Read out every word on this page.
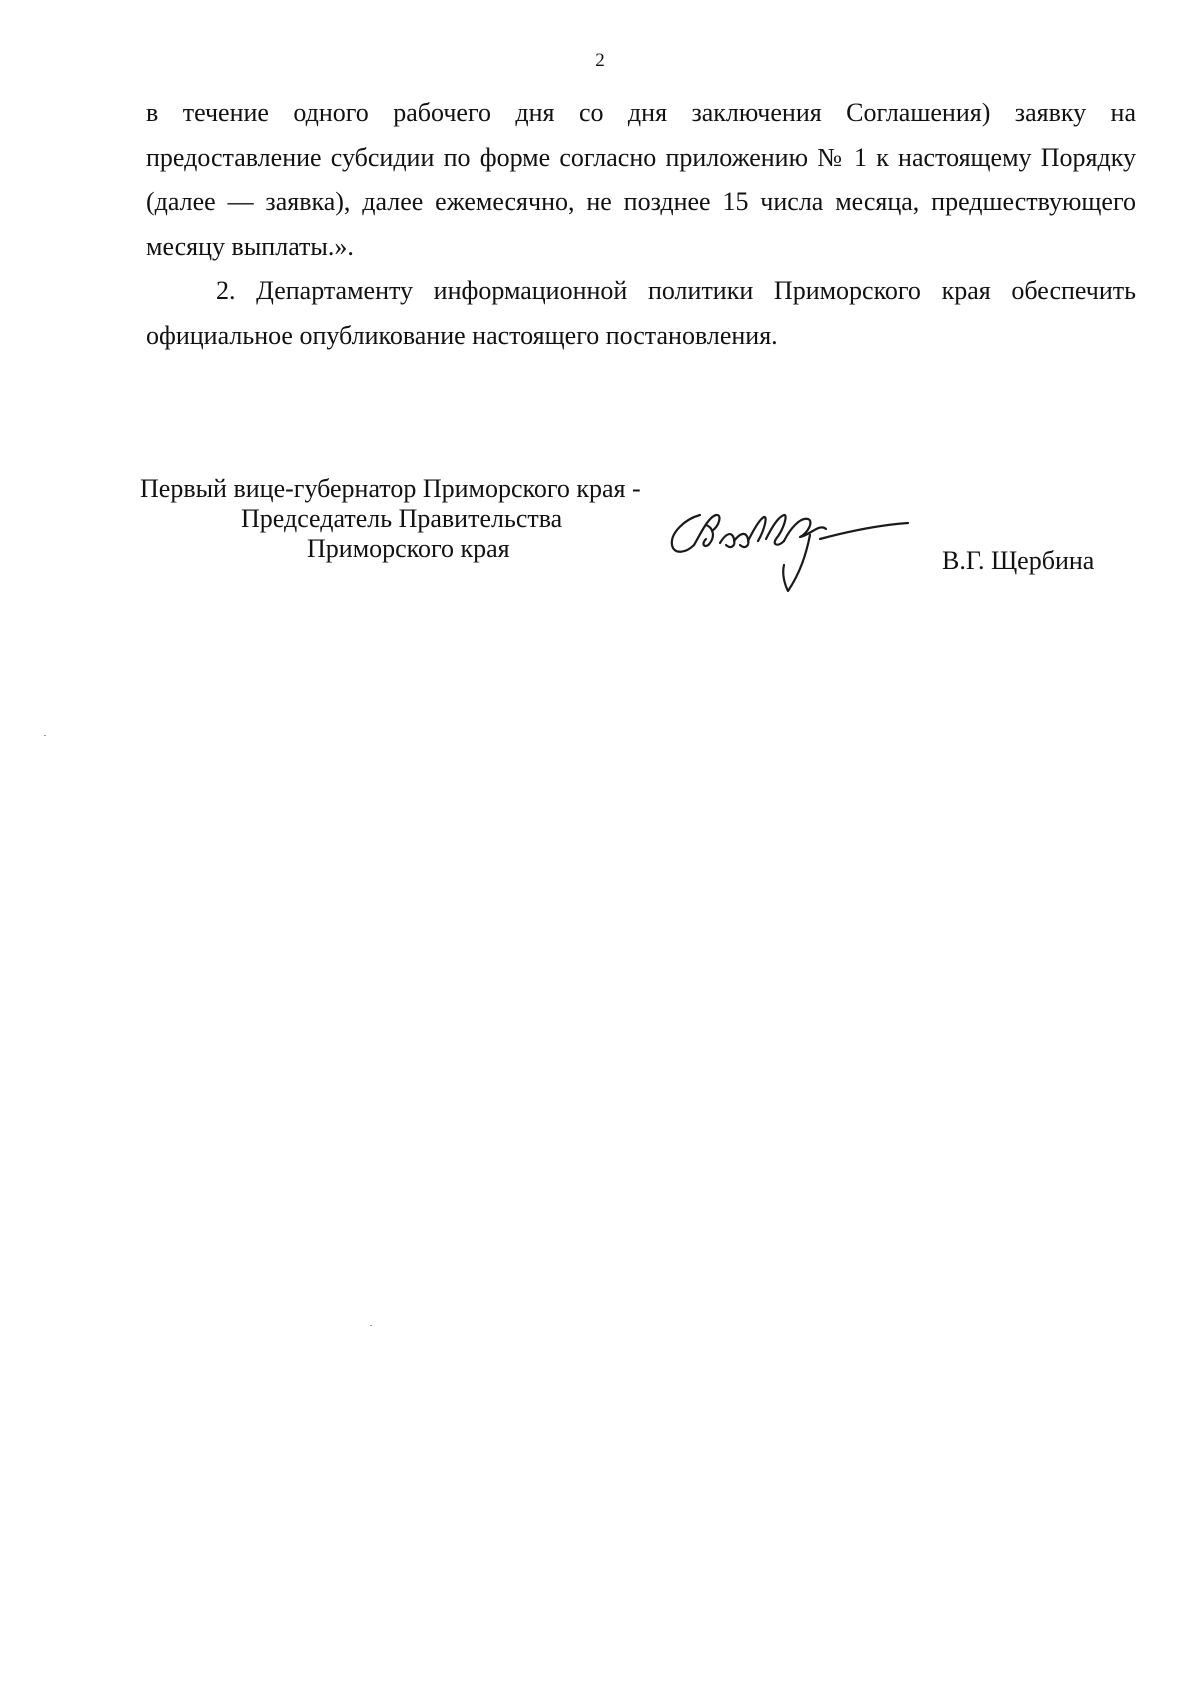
2

в течение одного рабочего дня со дня заключения Соглашения) заявку на предоставление субсидии по форме согласно приложению № 1 к настоящему Порядку (далее — заявка), далее ежемесячно, не позднее 15 числа месяца, предшествующего месяцу выплаты.».

2. Департаменту информационной политики Приморского края обеспечить официальное опубликование настоящего постановления.

Первый вице-губернатор Приморского края -
Председатель Правительства
Приморского края	В.Г. Щербина
